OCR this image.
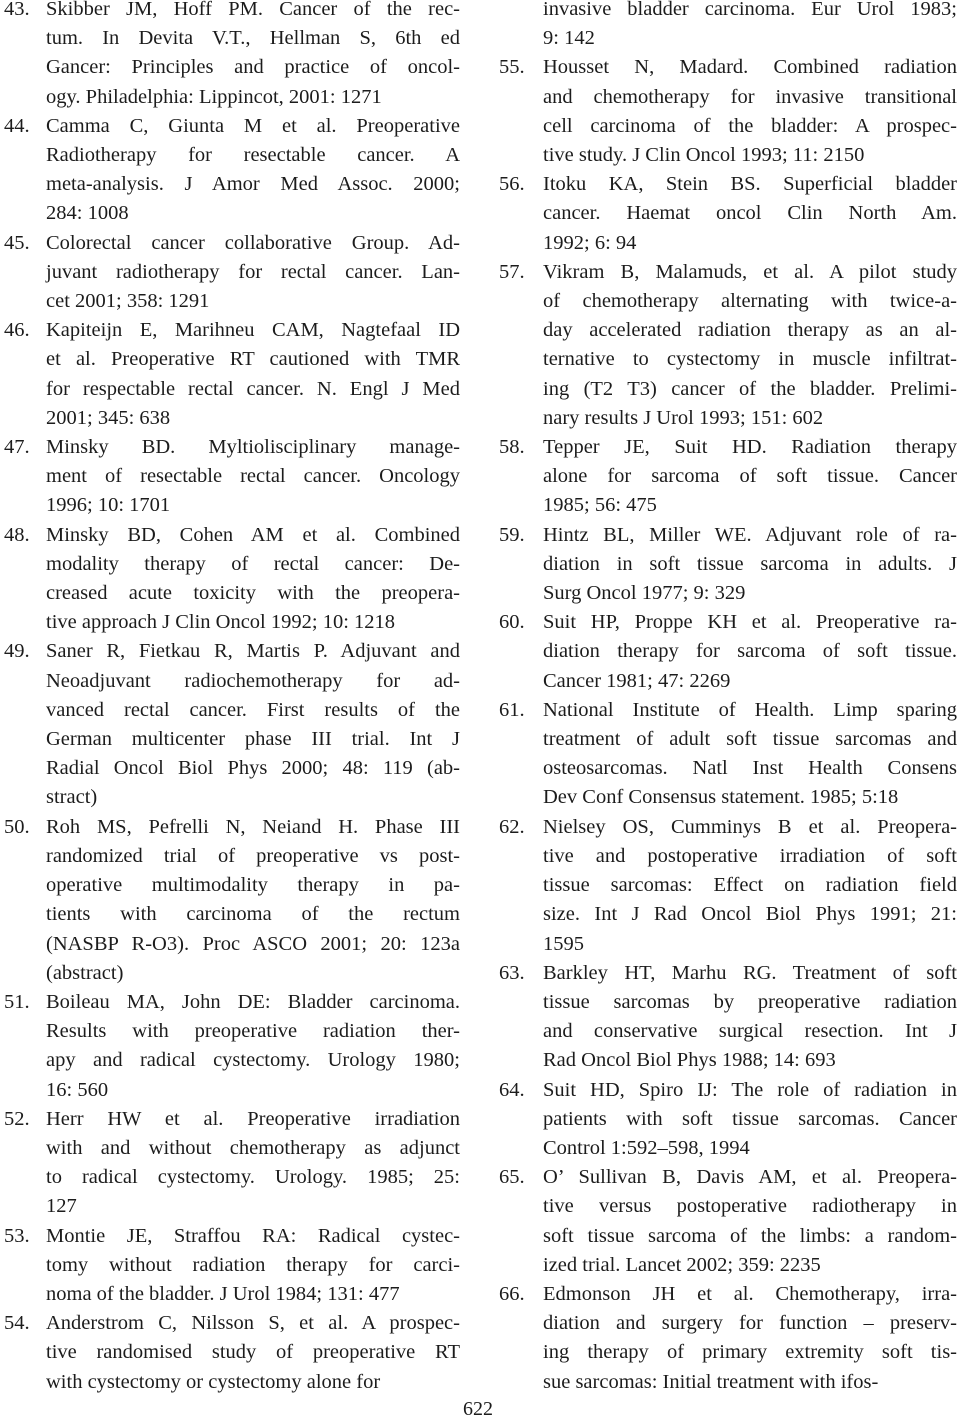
43. Skibber JM, Hoff PM. Cancer of the rec-
tum. In Devita V.T., Hellman S, 6th ed
Gancer: Principles and practice of oncol-
ogy. Philadelphia: Lippincot, 2001: 1271
44. Camma C, Giunta M et al. Preoperative
Radiotherapy for resectable cancer. A
meta-analysis. J Amor Med Assoc. 2000;
284: 1008
45. Colorectal cancer collaborative Group. Ad-
juvant radiotherapy for rectal cancer. Lan-
cet 2001; 358: 1291
46. Kapiteijn E, Marihneu CAM, Nagtefaal ID
et al. Preoperative RT cautioned with TMR
for respectable rectal cancer. N. Engl J Med
2001; 345: 638
47. Minsky BD. Myltiolisciplinary manage-
ment of resectable rectal cancer. Oncology
1996; 10: 1701
48. Minsky BD, Cohen AM et al. Combined
modality therapy of rectal cancer: De-
creased acute toxicity with the preopera-
tive approach J Clin Oncol 1992; 10: 1218
49. Saner R, Fietkau R, Martis P. Adjuvant and
Neoadjuvant radiochemotherapy for ad-
vanced rectal cancer. First results of the
German multicenter phase III trial. Int J
Radial Oncol Biol Phys 2000; 48: 119 (ab-
stract)
50. Roh MS, Pefrelli N, Neiand H. Phase III
randomized trial of preoperative vs post-
operative multimodality therapy in pa-
tients with carcinoma of the rectum
(NASBP R-O3). Proc ASCO 2001; 20: 123a
(abstract)
51. Boileau MA, John DE: Bladder carcinoma.
Results with preoperative radiation ther-
apy and radical cystectomy. Urology 1980;
16: 560
52. Herr HW et al. Preoperative irradiation
with and without chemotherapy as adjunct
to radical cystectomy. Urology. 1985; 25:
127
53. Montie JE, Straffou RA: Radical cystec-
tomy without radiation therapy for carci-
noma of the bladder. J Urol 1984; 131: 477
54. Anderstrom C, Nilsson S, et al. A prospec-
tive randomised study of preoperative RT
with cystectomy or cystectomy alone for
invasive bladder carcinoma. Eur Urol 1983;
9: 142
55. Housset N, Madard. Combined radiation
and chemotherapy for invasive transitional
cell carcinoma of the bladder: A prospec-
tive study. J Clin Oncol 1993; 11: 2150
56. Itoku KA, Stein BS. Superficial bladder
cancer. Haemat oncol Clin North Am.
1992; 6: 94
57. Vikram B, Malamuds, et al. A pilot study
of chemotherapy alternating with twice-a-
day accelerated radiation therapy as an al-
ternative to cystectomy in muscle infiltrat-
ing (T2 T3) cancer of the bladder. Prelimi-
nary results J Urol 1993; 151: 602
58. Tepper JE, Suit HD. Radiation therapy
alone for sarcoma of soft tissue. Cancer
1985; 56: 475
59. Hintz BL, Miller WE. Adjuvant role of ra-
diation in soft tissue sarcoma in adults. J
Surg Oncol 1977; 9: 329
60. Suit HP, Proppe KH et al. Preoperative ra-
diation therapy for sarcoma of soft tissue.
Cancer 1981; 47: 2269
61. National Institute of Health. Limp sparing
treatment of adult soft tissue sarcomas and
osteosarcomas. Natl Inst Health Consens
Dev Conf Consensus statement. 1985; 5:18
62. Nielsey OS, Cumminys B et al. Preopera-
tive and postoperative irradiation of soft
tissue sarcomas: Effect on radiation field
size. Int J Rad Oncol Biol Phys 1991; 21:
1595
63. Barkley HT, Marhu RG. Treatment of soft
tissue sarcomas by preoperative radiation
and conservative surgical resection. Int J
Rad Oncol Biol Phys 1988; 14: 693
64. Suit HD, Spiro IJ: The role of radiation in
patients with soft tissue sarcomas. Cancer
Control 1:592–598, 1994
65. O’ Sullivan B, Davis AM, et al. Preopera-
tive versus postoperative radiotherapy in
soft tissue sarcoma of the limbs: a random-
ized trial. Lancet 2002; 359: 2235
66. Edmonson JH et al. Chemotherapy, irra-
diation and surgery for function – preserv-
ing therapy of primary extremity soft tis-
sue sarcomas: Initial treatment with ifos-
622
